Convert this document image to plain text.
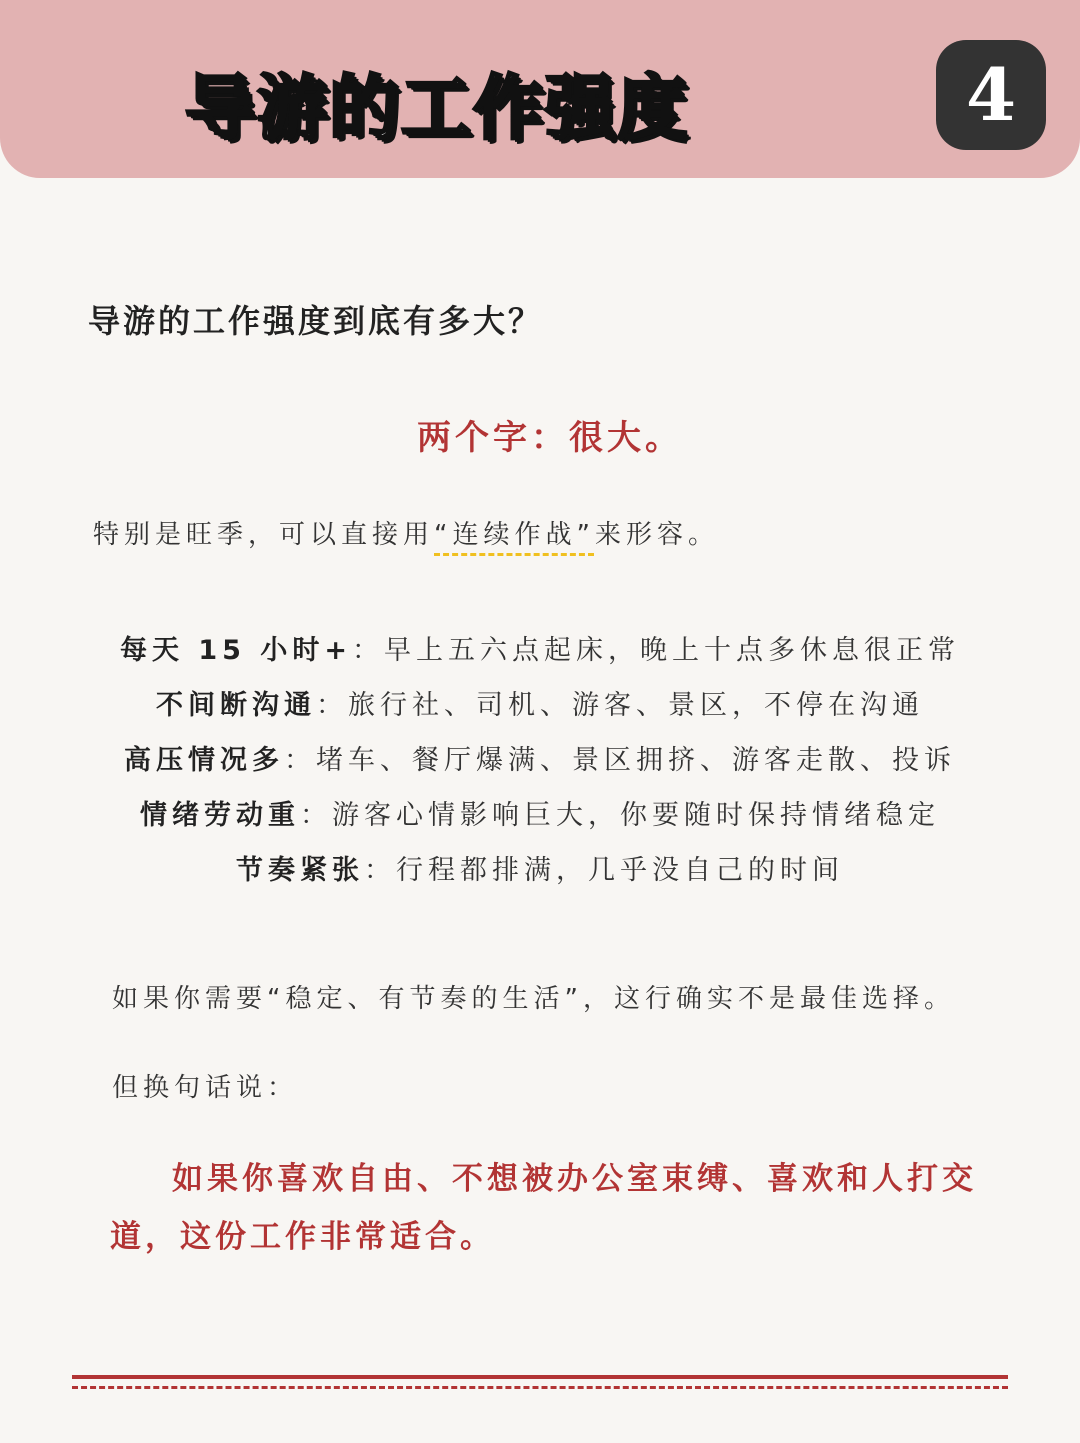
导游的工作强度	4
导游的工作强度到底有多大？
两个字：很大。
特别是旺季，可以直接用“连续作战”来形容。
每天 15 小时+：早上五六点起床，晚上十点多休息很正常
不间断沟通：旅行社、司机、游客、景区，不停在沟通
高压情况多：堵车、餐厅爆满、景区拥挤、游客走散、投诉
情绪劳动重：游客心情影响巨大，你要随时保持情绪稳定
节奏紧张：行程都排满，几乎没自己的时间
如果你需要“稳定、有节奏的生活”，这行确实不是最佳选择。
但换句话说：
如果你喜欢自由、不想被办公室束缚、喜欢和人打交道，这份工作非常适合。
